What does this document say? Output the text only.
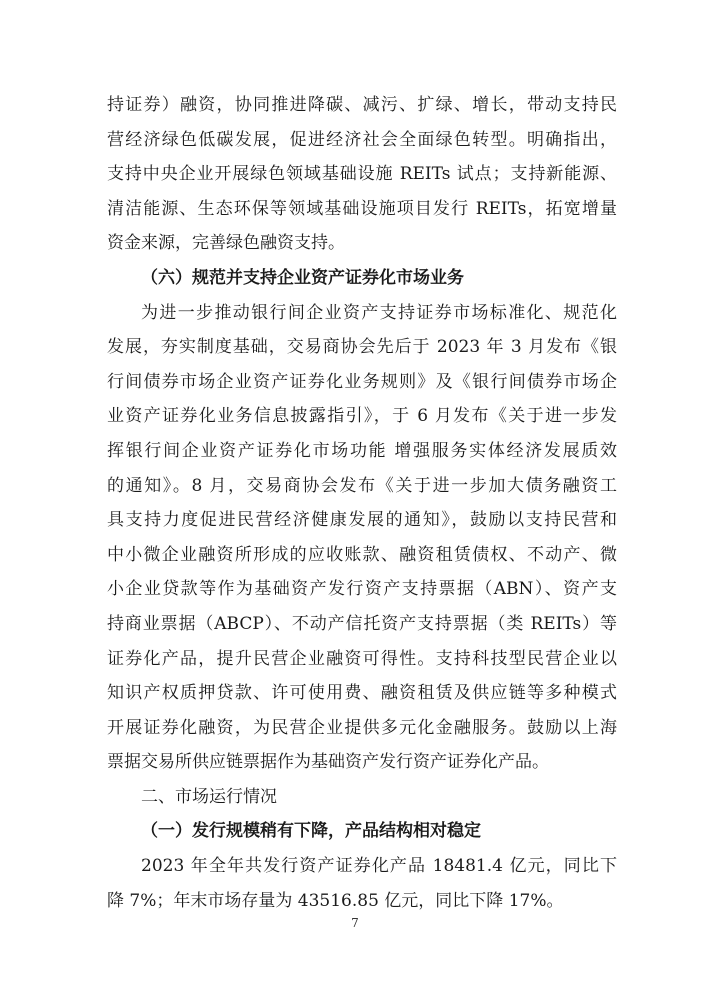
持证券）融资，协同推进降碳、减污、扩绿、增长，带动支持民
营经济绿色低碳发展，促进经济社会全面绿色转型。明确指出，
支持中央企业开展绿色领域基础设施 REITs 试点；支持新能源、
清洁能源、生态环保等领域基础设施项目发行 REITs，拓宽增量
资金来源，完善绿色融资支持。
（六）规范并支持企业资产证券化市场业务
为进一步推动银行间企业资产支持证券市场标准化、规范化
发展，夯实制度基础，交易商协会先后于 2023 年 3 月发布《银
行间债券市场企业资产证券化业务规则》及《银行间债券市场企
业资产证券化业务信息披露指引》，于 6 月发布《关于进一步发
挥银行间企业资产证券化市场功能 增强服务实体经济发展质效
的通知》。8 月，交易商协会发布《关于进一步加大债务融资工
具支持力度促进民营经济健康发展的通知》，鼓励以支持民营和
中小微企业融资所形成的应收账款、融资租赁债权、不动产、微
小企业贷款等作为基础资产发行资产支持票据（ABN）、资产支
持商业票据（ABCP）、不动产信托资产支持票据（类 REITs）等
证券化产品，提升民营企业融资可得性。支持科技型民营企业以
知识产权质押贷款、许可使用费、融资租赁及供应链等多种模式
开展证券化融资，为民营企业提供多元化金融服务。鼓励以上海
票据交易所供应链票据作为基础资产发行资产证券化产品。
二、市场运行情况
（一）发行规模稍有下降，产品结构相对稳定
2023 年全年共发行资产证券化产品 18481.4 亿元，同比下
降 7%；年末市场存量为 43516.85 亿元，同比下降 17%。
7
